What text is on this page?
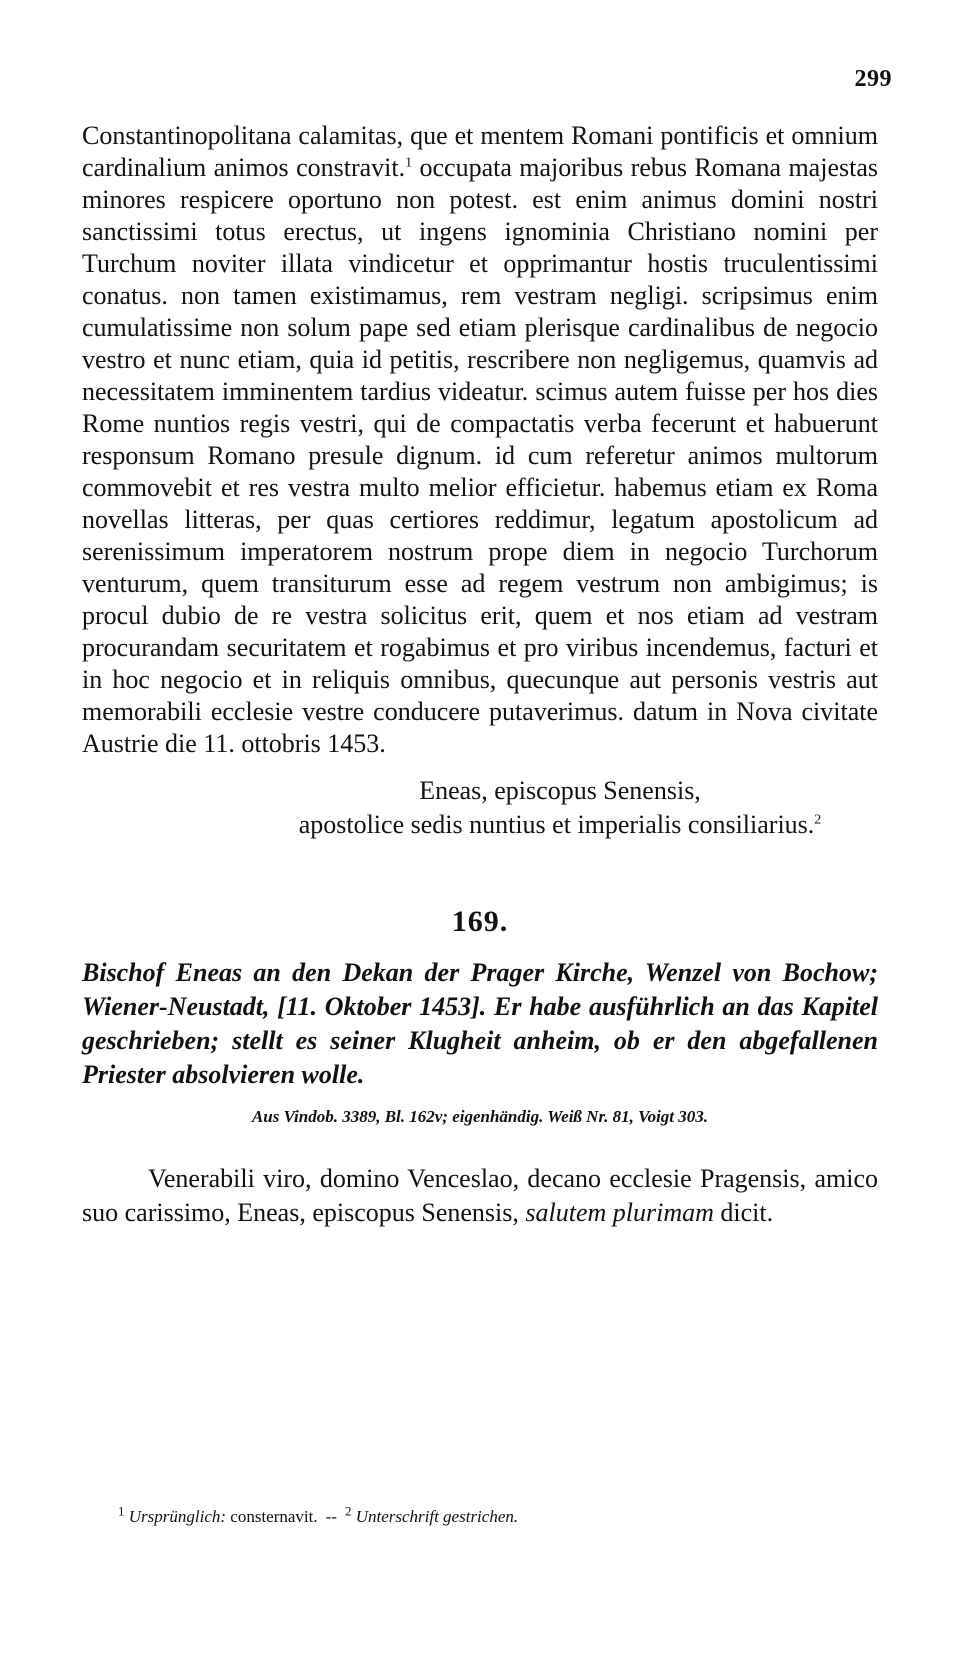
299

Constantinopolitana calamitas, que et mentem Romani pontificis et omnium cardinalium animos constravit.$^1$ occupata majoribus rebus Romana majestas minores respicere oportuno non potest. est enim animus domini nostri sanctissimi totus erectus, ut ingens ignominia Christiano nomini per Turchum noviter illata vindicetur et opprimantur hostis truculentissimi conatus. non tamen existimamus, rem vestram negligi. scripsimus enim cumulatissime non solum pape sed etiam plerisque cardinalibus de negocio vestro et nunc etiam, quia id petitis, rescribere non negligemus, quamvis ad necessitatem imminentem tardius videatur. scimus autem fuisse per hos dies Rome nuntios regis vestri, qui de compactatis verba fecerunt et habuerunt responsum Romano presule dignum. id cum referetur animos multorum commovebit et res vestra multo melior efficietur. habemus etiam ex Roma novellas litteras, per quas certiores reddimur, legatum apostolicum ad serenissimum imperatorem nostrum prope diem in negocio Turchorum venturum, quem transiturum esse ad regem vestrum non ambigimus; is procul dubio de re vestra solicitus erit, quem et nos etiam ad vestram procurandam securitatem et rogabimus et pro viribus incendemus, facturi et in hoc negocio et in reliquis omnibus, quecunque aut personis vestris aut memorabili ecclesie vestre conducere putaverimus. datum in Nova civitate Austrie die 11. ottobris 1453.

Eneas, episcopus Senensis,
apostolice sedis nuntius et imperialis consiliarius.$^2$
169.
Bischof Eneas an den Dekan der Prager Kirche, Wenzel von Bochow; Wiener-Neustadt, [11. Oktober 1453]. Er habe ausführlich an das Kapitel geschrieben; stellt es seiner Klugheit anheim, ob er den abgefallenen Priester absolvieren wolle.
Aus Vindob. 3389, Bl. 162v; eigenhändig. Weiß Nr. 81, Voigt 303.

Venerabili viro, domino Venceslao, decano ecclesie Pragensis, amico suo carissimo, Eneas, episcopus Senensis, salutem plurimam dicit.

$^1$ Ursprünglich: consternavit. -- $^2$ Unterschrift gestrichen.
